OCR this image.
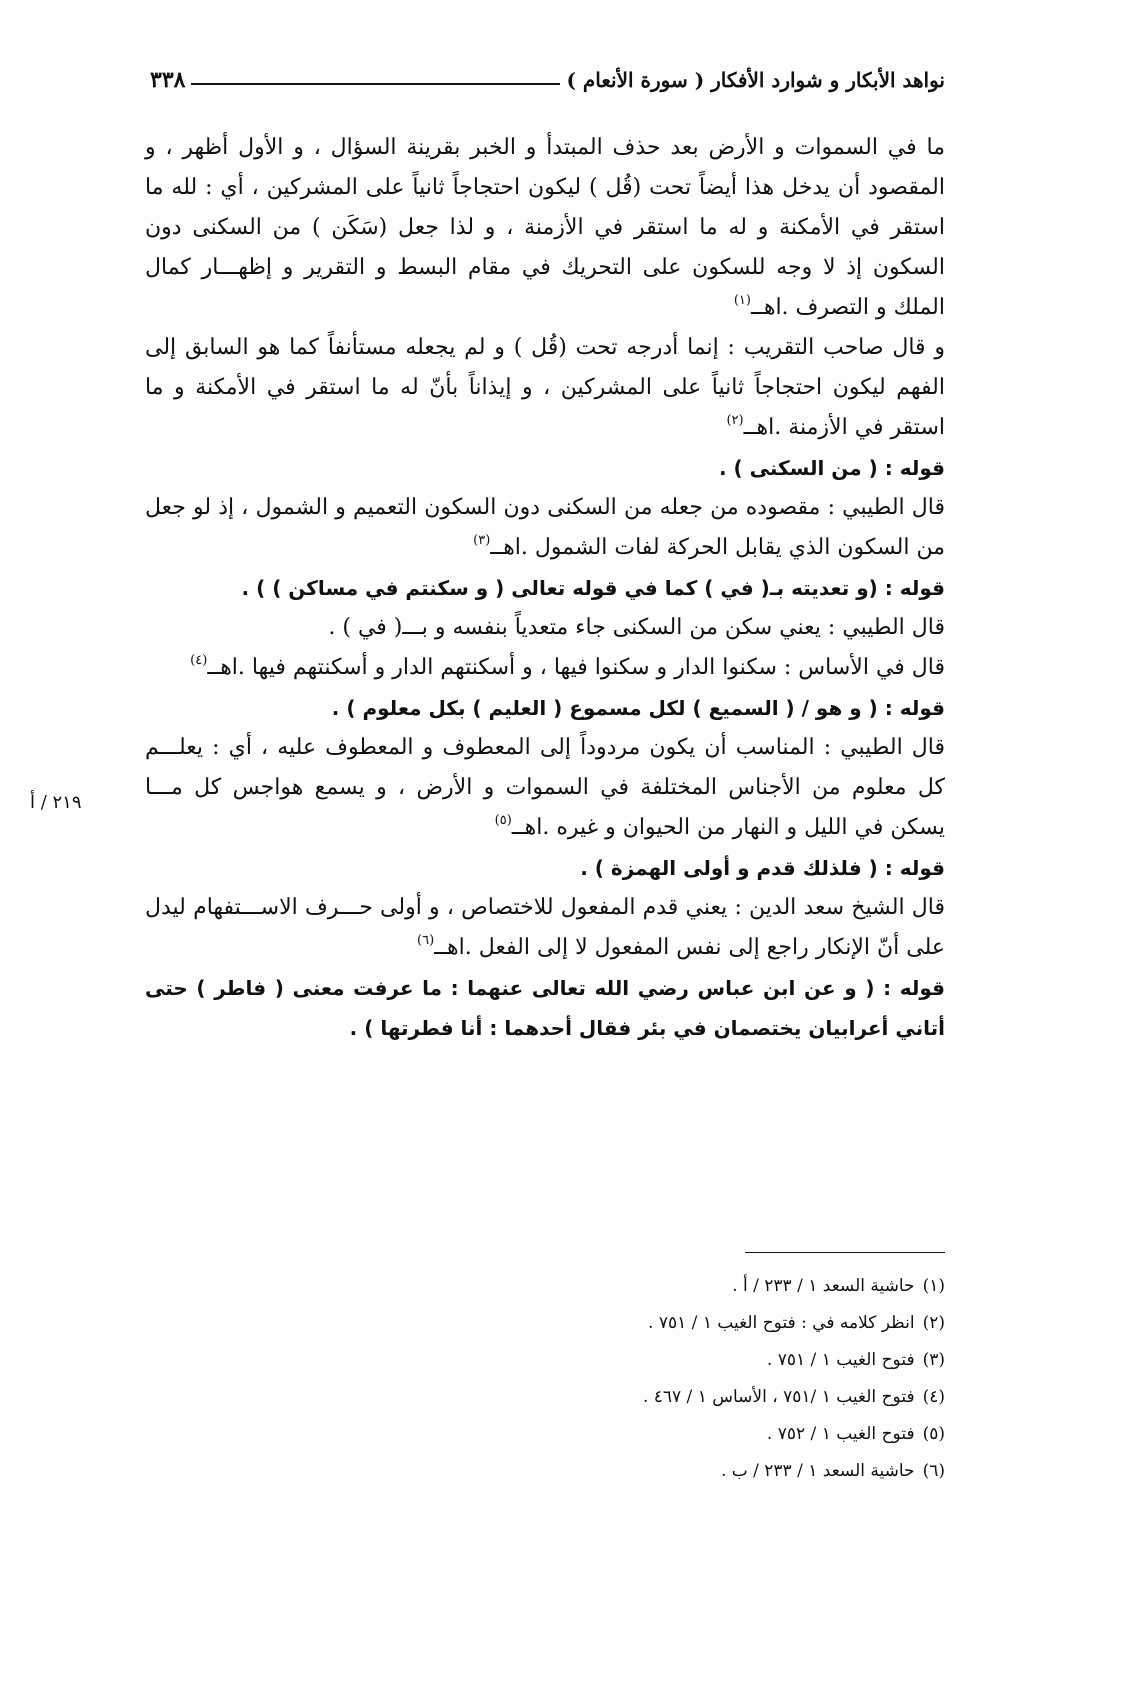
نواهد الأبكار و شوارد الأفكار ( سورة الأنعام )
٣٣٨
٢١٩ / أ

ما في السموات و الأرض بعد حذف المبتدأ و الخبر بقرينة السؤال ، و الأول أظهر ، و المقصود أن يدخل هذا أيضاً تحت (قُل ) ليكون احتجاجاً ثانياً على المشركين ، أي : لله ما استقر في الأمكنة و له ما استقر في الأزمنة ، و لذا جعل (سَكَن ) من السكنى دون السكون إذ لا وجه للسكون على التحريك في مقام البسط و التقرير و إظهـــار كمال الملك و التصرف .اهــ$^{(١)}$

و قال صاحب التقريب : إنما أدرجه تحت (قُل ) و لم يجعله مستأنفاً كما هو السابق إلى الفهم ليكون احتجاجاً ثانياً على المشركين ، و إيذاناً بأنّ له ما استقر في الأمكنة و ما استقر في الأزمنة .اهــ$^{(٢)}$

قوله : ( من السكنى ) .

قال الطيبي : مقصوده من جعله من السكنى دون السكون التعميم و الشمول ، إذ لو جعل من السكون الذي يقابل الحركة لفات الشمول .اهــ$^{(٣)}$

قوله : (و تعديته بـ( في ) كما في قوله تعالى ( و سكنتم في مساكن ) ) .

قال الطيبي : يعني سكن من السكنى جاء متعدياً بنفسه و بـــ( في ) .

قال في الأساس : سكنوا الدار و سكنوا فيها ، و أسكنتهم الدار و أسكنتهم فيها .اهــ$^{(٤)}$

قوله : ( و هو / ( السميع ) لكل مسموع ( العليم ) بكل معلوم ) .

قال الطيبي : المناسب أن يكون مردوداً إلى المعطوف و المعطوف عليه ، أي : يعلـــم كل معلوم من الأجناس المختلفة في السموات و الأرض ، و يسمع هواجس كل مـــا يسكن في الليل و النهار من الحيوان و غيره .اهــ$^{(٥)}$

قوله : ( فلذلك قدم و أولى الهمزة ) .

قال الشيخ سعد الدين : يعني قدم المفعول للاختصاص ، و أولى حـــرف الاســـتفهام ليدل على أنّ الإنكار راجع إلى نفس المفعول لا إلى الفعل .اهــ$^{(٦)}$

قوله : ( و عن ابن عباس رضي الله تعالى عنهما : ما عرفت معنى ( فاطر ) حتى أتاني أعرابيان يختصمان في بئر فقال أحدهما : أنا فطرتها ) .

(١)حاشية السعد ١ / ٢٣٣ / أ .

(٢)انظر كلامه في : فتوح الغيب ١ / ٧٥١ .

(٣)فتوح الغيب ١ / ٧٥١ .

(٤)فتوح الغيب ١ /٧٥١ ، الأساس ١ / ٤٦٧ .

(٥)فتوح الغيب ١ / ٧٥٢ .

(٦)حاشية السعد ١ / ٢٣٣ / ب .
